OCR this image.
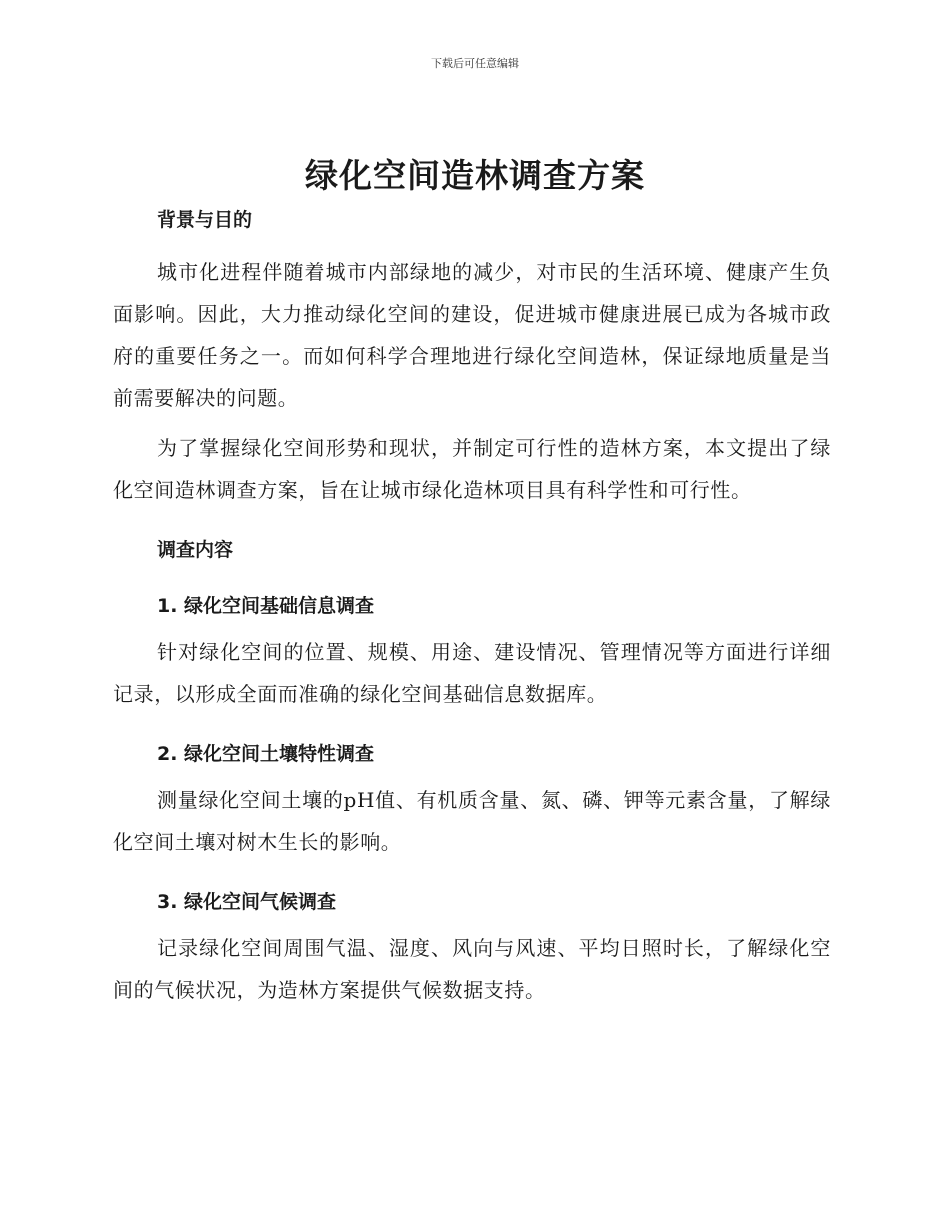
下载后可任意编辑
绿化空间造林调查方案
背景与目的

城市化进程伴随着城市内部绿地的减少，对市民的生活环境、健康产生负面影响。因此，大力推动绿化空间的建设，促进城市健康进展已成为各城市政府的重要任务之一。而如何科学合理地进行绿化空间造林，保证绿地质量是当前需要解决的问题。

为了掌握绿化空间形势和现状，并制定可行性的造林方案，本文提出了绿化空间造林调查方案，旨在让城市绿化造林项目具有科学性和可行性。

调查内容
1. 绿化空间基础信息调查

针对绿化空间的位置、规模、用途、建设情况、管理情况等方面进行详细记录，以形成全面而准确的绿化空间基础信息数据库。

2. 绿化空间土壤特性调查

测量绿化空间土壤的pH值、有机质含量、氮、磷、钾等元素含量，了解绿化空间土壤对树木生长的影响。

3. 绿化空间气候调查

记录绿化空间周围气温、湿度、风向与风速、平均日照时长，了解绿化空间的气候状况，为造林方案提供气候数据支持。
